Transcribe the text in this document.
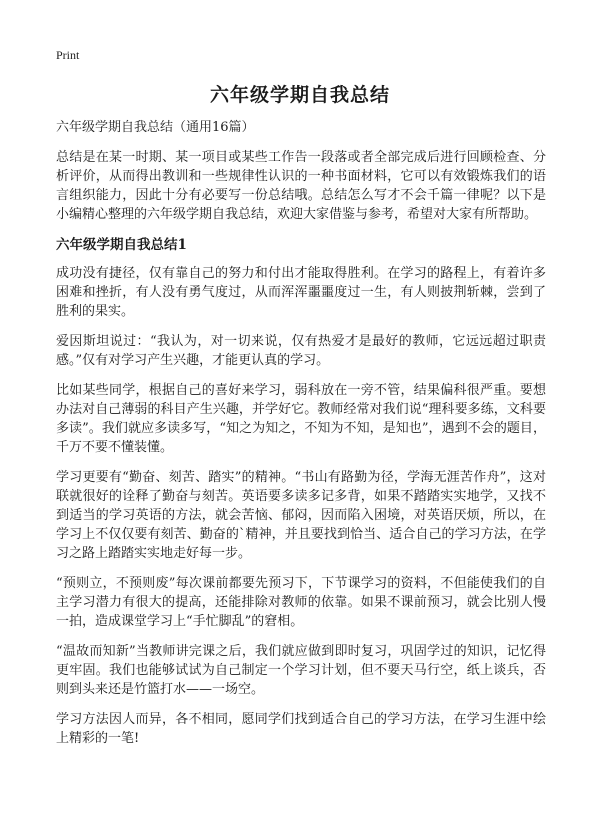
Print
六年级学期自我总结

六年级学期自我总结（通用16篇）

总结是在某一时期、某一项目或某些工作告一段落或者全部完成后进行回顾检查、分析评价，从而得出教训和一些规律性认识的一种书面材料，它可以有效锻炼我们的语言组织能力，因此十分有必要写一份总结哦。总结怎么写才不会千篇一律呢？以下是小编精心整理的六年级学期自我总结，欢迎大家借鉴与参考，希望对大家有所帮助。

六年级学期自我总结1

成功没有捷径，仅有靠自己的努力和付出才能取得胜利。在学习的路程上，有着许多困难和挫折，有人没有勇气度过，从而浑浑噩噩度过一生，有人则披荆斩棘，尝到了胜利的果实。

爱因斯坦说过：“我认为，对一切来说，仅有热爱才是最好的教师，它远远超过职责感。”仅有对学习产生兴趣，才能更认真的学习。

比如某些同学，根据自己的喜好来学习，弱科放在一旁不管，结果偏科很严重。要想办法对自己薄弱的科目产生兴趣，并学好它。教师经常对我们说“理科要多练，文科要多读”。我们就应多读多写，“知之为知之，不知为不知，是知也”，遇到不会的题目，千万不要不懂装懂。

学习更要有“勤奋、刻苦、踏实”的精神。“书山有路勤为径，学海无涯苦作舟”，这对联就很好的诠释了勤奋与刻苦。英语要多读多记多背，如果不踏踏实实地学，又找不到适当的学习英语的方法，就会苦恼、郁闷，因而陷入困境，对英语厌烦，所以，在学习上不仅仅要有刻苦、勤奋的`精神，并且要找到恰当、适合自己的学习方法，在学习之路上踏踏实实地走好每一步。

“预则立，不预则废”每次课前都要先预习下，下节课学习的资料，不但能使我们的自主学习潜力有很大的提高，还能排除对教师的依靠。如果不课前预习，就会比别人慢一拍，造成课堂学习上“手忙脚乱”的窘相。

“温故而知新”当教师讲完课之后，我们就应做到即时复习，巩固学过的知识，记忆得更牢固。我们也能够试试为自己制定一个学习计划，但不要天马行空，纸上谈兵，否则到头来还是竹篮打水——一场空。

学习方法因人而异，各不相同，愿同学们找到适合自己的学习方法，在学习生涯中绘上精彩的一笔!
